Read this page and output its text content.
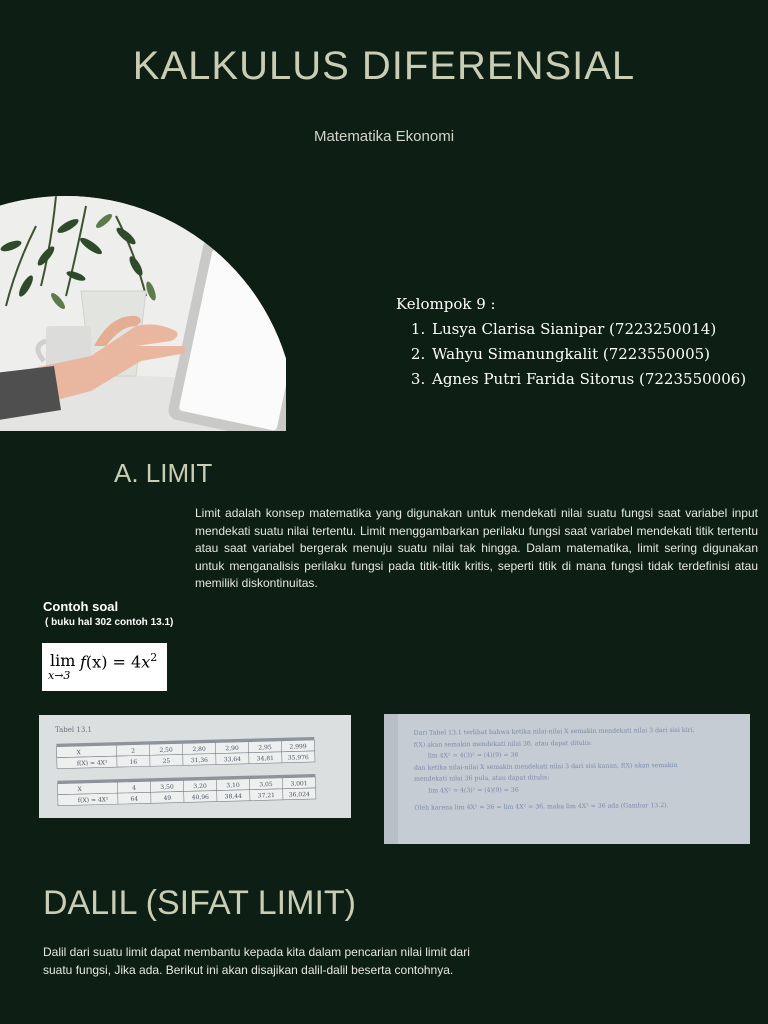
KALKULUS DIFERENSIAL
Matematika Ekonomi
Kelompok 9 :
1. Lusya Clarisa Sianipar (7223250014)
2. Wahyu Simanungkalit (7223550005)
3. Agnes Putri Farida Sitorus (7223550006)
A. LIMIT
Limit adalah konsep matematika yang digunakan untuk mendekati nilai suatu fungsi saat variabel input mendekati suatu nilai tertentu. Limit menggambarkan perilaku fungsi saat variabel mendekati titik tertentu atau saat variabel bergerak menuju suatu nilai tak hingga. Dalam matematika, limit sering digunakan untuk menganalisis perilaku fungsi pada titik-titik kritis, seperti titik di mana fungsi tidak terdefinisi atau memiliki diskontinuitas.
Contoh soal
( buku hal 302 contoh 13.1)
lim
x→3
$f(x) = 4x^2$
Tabel 13.1
X	2	2,50	2,80	2,90	2,95	2,999
f(X) = 4X²	16	25	31,36	33,64	34,81 35,976
X	4	3,50	3,20	3,10	3,05	3,001
f(X) = 4X²	64	49	40,96	38,44	37,21 36,024
Dari Tabel 13.1 terlihat bahwa ketika nilai-nilai X semakin mendekati nilai 3 dari sisi kiri,
f(X) akan semakin mendekati nilai 36, atau dapat ditulis:
lim 4X² = 4(3)² = (4)(9) = 36
dan ketika nilai-nilai X semakin mendekati nilai 3 dari sisi kanan, f(X) akan semakin
mendekati nilai 36 pula, atau dapat ditulis:
lim 4X² = 4(3)² = (4)(9) = 36
Oleh karena lim 4X² = 36 = lim 4X² = 36, maka lim 4X² = 36 ada (Gambar 13.2).
DALIL (SIFAT LIMIT)
Dalil dari suatu limit dapat membantu kepada kita dalam pencarian nilai limit dari suatu fungsi, Jika ada. Berikut ini akan disajikan dalil-dalil beserta contohnya.
